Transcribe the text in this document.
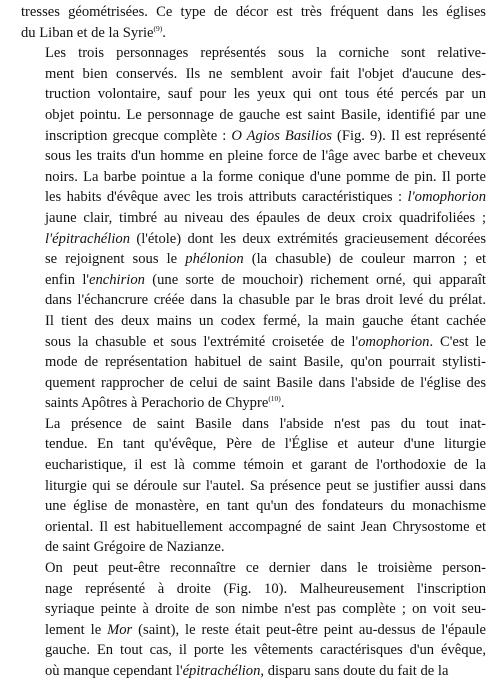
tresses géométrisées. Ce type de décor est très fréquent dans les églises
du Liban et de la Syrie$^{(9)}$.

Les trois personnages représentés sous la corniche sont relative-
ment bien conservés. Ils ne semblent avoir fait l'objet d'aucune des-
truction volontaire, sauf pour les yeux qui ont tous été percés par un
objet pointu. Le personnage de gauche est saint Basile, identifié par une
inscription grecque complète : O Agios Basilios (Fig. 9). Il est représenté
sous les traits d'un homme en pleine force de l'âge avec barbe et cheveux
noirs. La barbe pointue a la forme conique d'une pomme de pin. Il porte
les habits d'évêque avec les trois attributs caractéristiques : l'omophorion
jaune clair, timbré au niveau des épaules de deux croix quadrifoliées ;
l'épitrachélion (l'étole) dont les deux extrémités gracieusement décorées
se rejoignent sous le phélonion (la chasuble) de couleur marron ; et
enfin l'enchirion (une sorte de mouchoir) richement orné, qui apparaît
dans l'échancrure créée dans la chasuble par le bras droit levé du prélat.
Il tient des deux mains un codex fermé, la main gauche étant cachée
sous la chasuble et sous l'extrémité croisetée de l'omophorion. C'est le
mode de représentation habituel de saint Basile, qu'on pourrait stylisti-
quement rapprocher de celui de saint Basile dans l'abside de l'église des
saints Apôtres à Perachorio de Chypre$^{(10)}$.

La présence de saint Basile dans l'abside n'est pas du tout inat-
tendue. En tant qu'évêque, Père de l'Église et auteur d'une liturgie
eucharistique, il est là comme témoin et garant de l'orthodoxie de la
liturgie qui se déroule sur l'autel. Sa présence peut se justifier aussi dans
une église de monastère, en tant qu'un des fondateurs du monachisme
oriental. Il est habituellement accompagné de saint Jean Chrysostome et
de saint Grégoire de Nazianze.

On peut peut-être reconnaître ce dernier dans le troisième person-
nage représenté à droite (Fig. 10). Malheureusement l'inscription
syriaque peinte à droite de son nimbe n'est pas complète ; on voit seu-
lement le Mor (saint), le reste était peut-être peint au-dessus de l'épaule
gauche. En tout cas, il porte les vêtements caractérisques d'un évêque,
où manque cependant l'épitrachélion, disparu sans doute du fait de la
